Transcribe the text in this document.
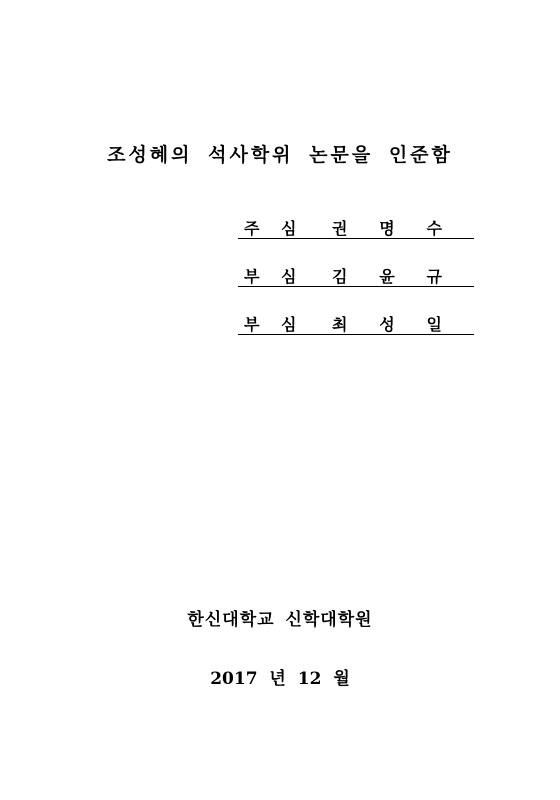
조성혜의 석사학위 논문을 인준함
주 심 권 명 수
부 심 김 윤 규
부 심 최 성 일
한신대학교 신학대학원
2017 년 12 월
